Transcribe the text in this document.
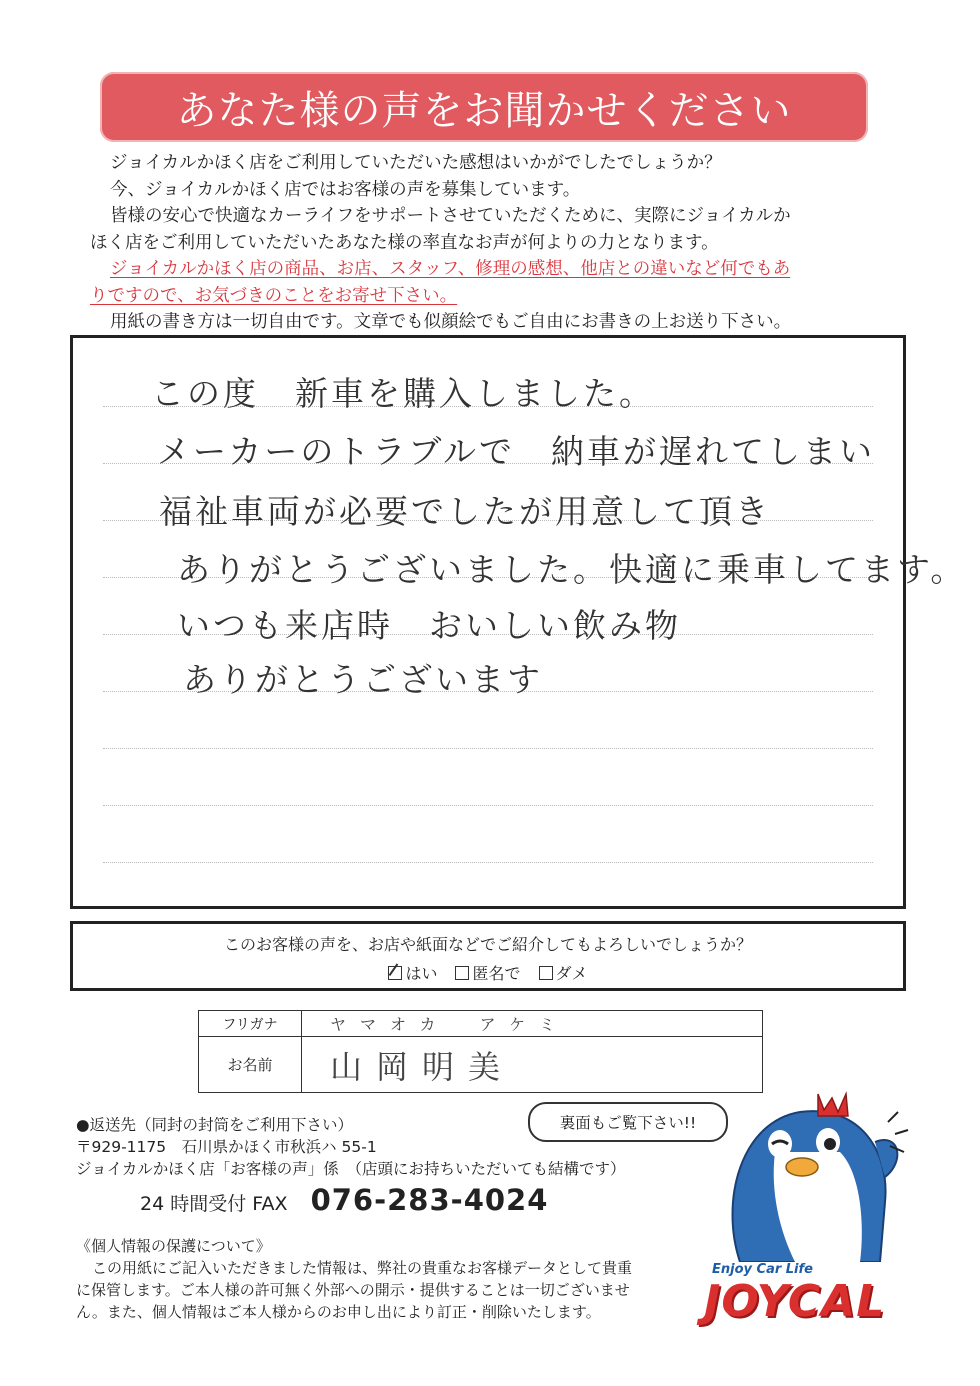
あなた様の声をお聞かせください

ジョイカルかほく店をご利用していただいた感想はいかがでしたでしょうか？

今、ジョイカルかほく店ではお客様の声を募集しています。

皆様の安心で快適なカーライフをサポートさせていただくために、実際にジョイカルか

ほく店をご利用していただいたあなた様の率直なお声が何よりの力となります。

ジョイカルかほく店の商品、お店、スタッフ、修理の感想、他店との違いなど何でもあ

りですので、お気づきのことをお寄せ下さい。

用紙の書き方は一切自由です。文章でも似顔絵でもご自由にお書きの上お送り下さい。

この度　新車を購入しました。
メーカーのトラブルで　納車が遅れてしまい
福祉車両が必要でしたが用意して頂き
ありがとうございました。快適に乗車してます。
いつも来店時　おいしい飲み物
ありがとうございます
このお客様の声を、お店や紙面などでご紹介してもよろしいでしょうか？
はい	匿名で	ダメ
フリガナ	ヤマオカ　アケミ
お名前	山岡明美

●返送先（同封の封筒をご利用下さい）

〒929-1175　石川県かほく市秋浜ハ 55-1

ジョイカルかほく店「お客様の声」係　（店頭にお持ちいただいても結構です）

24 時間受付 FAX 076-283-4024
裏面もご覧下さい!!

《個人情報の保護について》

この用紙にご記入いただきました情報は、弊社の貴重なお客様データとして貴重

に保管します。ご本人様の許可無く外部への開示・提供することは一切ございませ

ん。また、個人情報はご本人様からのお申し出により訂正・削除いたします。

Enjoy Car Life
JOYCAL
